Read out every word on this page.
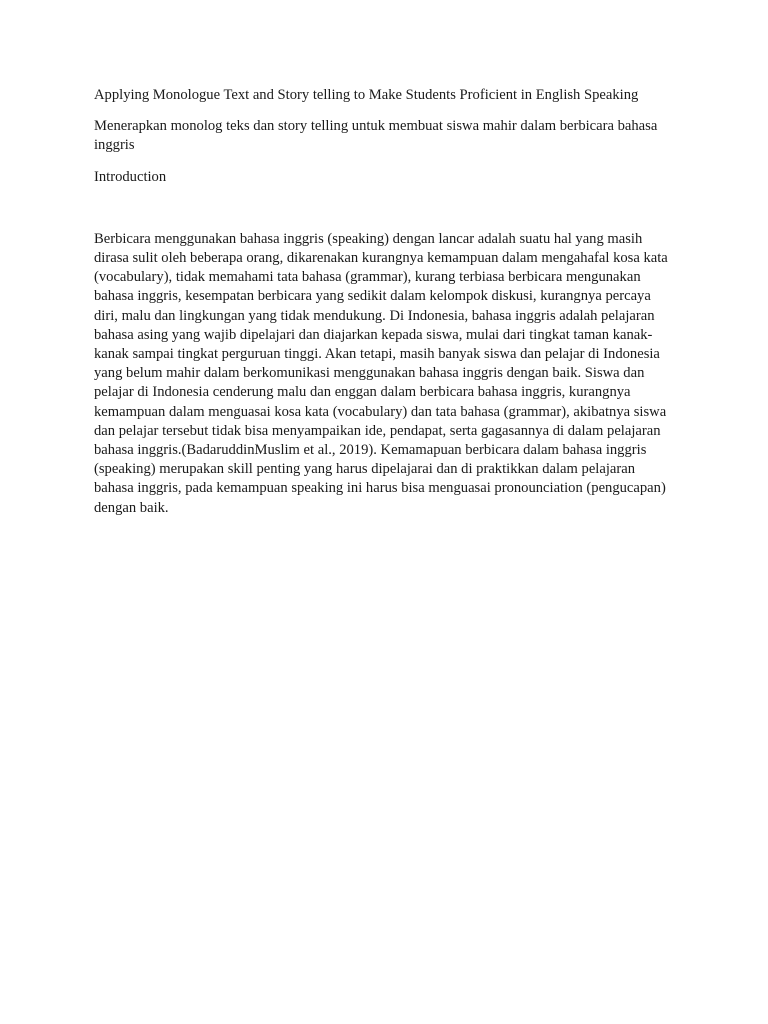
Applying Monologue Text and Story telling to Make Students Proficient in English Speaking

Menerapkan monolog teks dan story telling untuk membuat siswa mahir dalam berbicara bahasa inggris

Introduction

Berbicara menggunakan bahasa inggris (speaking) dengan lancar adalah suatu hal yang masih dirasa sulit oleh beberapa orang, dikarenakan kurangnya kemampuan dalam mengahafal kosa kata (vocabulary), tidak memahami tata bahasa (grammar), kurang terbiasa berbicara mengunakan bahasa inggris, kesempatan berbicara yang sedikit dalam kelompok diskusi, kurangnya percaya diri, malu dan lingkungan yang tidak mendukung. Di Indonesia, bahasa inggris adalah pelajaran bahasa asing yang wajib dipelajari dan diajarkan kepada siswa, mulai dari tingkat taman kanak-kanak sampai tingkat perguruan tinggi. Akan tetapi, masih banyak siswa dan pelajar di Indonesia yang belum mahir dalam berkomunikasi menggunakan bahasa inggris dengan baik. Siswa dan pelajar di Indonesia cenderung malu dan enggan dalam berbicara bahasa inggris, kurangnya kemampuan dalam menguasai kosa kata (vocabulary) dan tata bahasa (grammar), akibatnya siswa dan pelajar tersebut tidak bisa menyampaikan ide, pendapat, serta gagasannya di dalam pelajaran bahasa inggris.(BadaruddinMuslim et al., 2019). Kemamapuan berbicara dalam bahasa inggris (speaking) merupakan skill penting yang harus dipelajarai dan di praktikkan dalam pelajaran bahasa inggris, pada kemampuan speaking ini harus bisa menguasai pronounciation (pengucapan) dengan baik.
